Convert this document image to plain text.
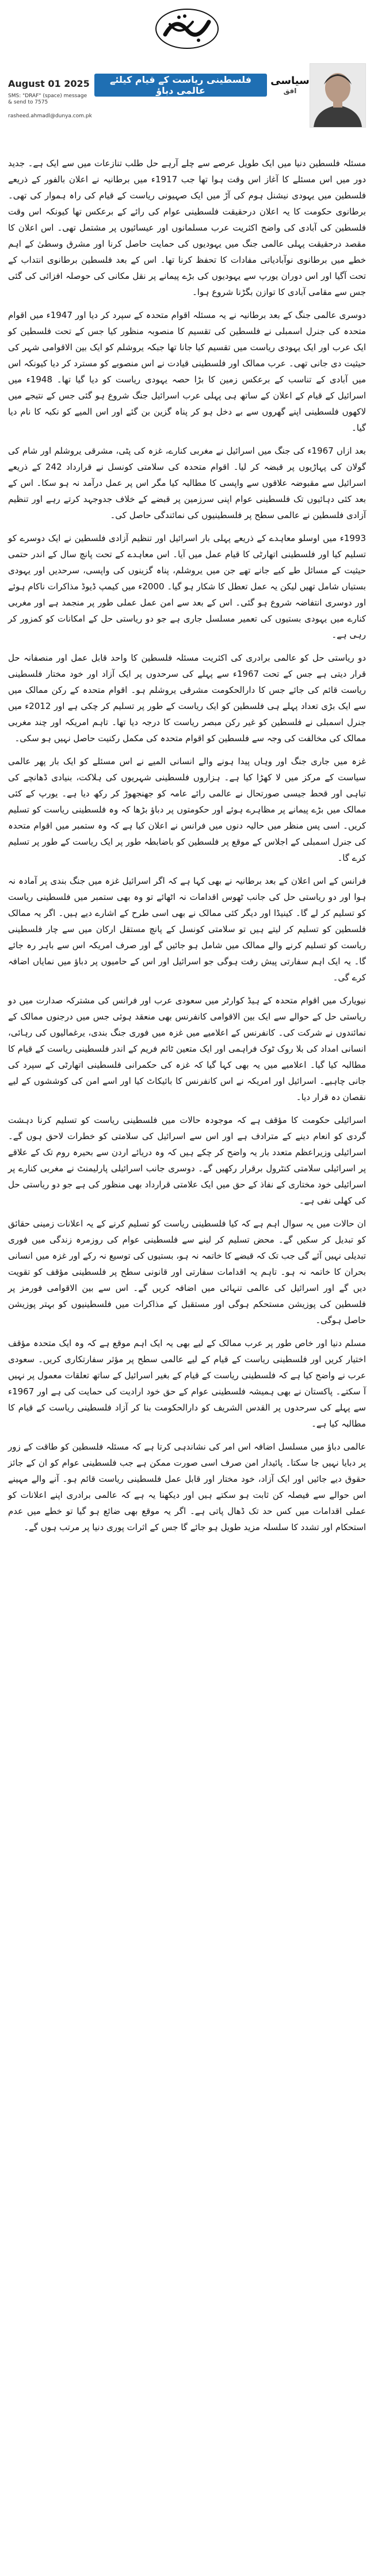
August 01 2025
SMS: "DRAF" (space) message & send to 7575
rasheed.ahmadl@dunya.com.pk
فلسطینی ریاست کے قیام کیلئے عالمی دباؤ
سیاسی
افق

مسئلہ فلسطین دنیا میں ایک طویل عرصے سے چلے آرہے حل طلب تنازعات میں سے ایک ہے۔ جدید دور میں اس مسئلے کا آغاز اس وقت ہوا تھا جب 1917ء میں برطانیہ نے اعلان بالفور کے ذریعے فلسطین میں یہودی نیشنل ہوم کی آڑ میں ایک صہیونی ریاست کے قیام کی راہ ہموار کی تھی۔ برطانوی حکومت کا یہ اعلان درحقیقت فلسطینی عوام کی رائے کے برعکس تھا کیونکہ اس وقت فلسطین کی آبادی کی واضح اکثریت عرب مسلمانوں اور عیسائیوں پر مشتمل تھی۔ اس اعلان کا مقصد درحقیقت پہلی عالمی جنگ میں یہودیوں کی حمایت حاصل کرنا اور مشرق وسطیٰ کے اہم خطے میں برطانوی نوآبادیاتی مفادات کا تحفظ کرنا تھا۔ اس کے بعد فلسطین برطانوی انتداب کے تحت آگیا اور اس دوران یورپ سے یہودیوں کی بڑے پیمانے پر نقل مکانی کی حوصلہ افزائی کی گئی جس سے مقامی آبادی کا توازن بگڑنا شروع ہوا۔

دوسری عالمی جنگ کے بعد برطانیہ نے یہ مسئلہ اقوام متحدہ کے سپرد کر دیا اور 1947ء میں اقوام متحدہ کی جنرل اسمبلی نے فلسطین کی تقسیم کا منصوبہ منظور کیا جس کے تحت فلسطین کو ایک عرب اور ایک یہودی ریاست میں تقسیم کیا جانا تھا جبکہ یروشلم کو ایک بین الاقوامی شہر کی حیثیت دی جانی تھی۔ عرب ممالک اور فلسطینی قیادت نے اس منصوبے کو مسترد کر دیا کیونکہ اس میں آبادی کے تناسب کے برعکس زمین کا بڑا حصہ یہودی ریاست کو دیا گیا تھا۔ 1948ء میں اسرائیل کے قیام کے اعلان کے ساتھ ہی پہلی عرب اسرائیل جنگ شروع ہو گئی جس کے نتیجے میں لاکھوں فلسطینی اپنے گھروں سے بے دخل ہو کر پناہ گزین بن گئے اور اس المیے کو نکبہ کا نام دیا گیا۔

بعد ازاں 1967ء کی جنگ میں اسرائیل نے مغربی کنارے، غزہ کی پٹی، مشرقی یروشلم اور شام کی گولان کی پہاڑیوں پر قبضہ کر لیا۔ اقوام متحدہ کی سلامتی کونسل نے قرارداد 242 کے ذریعے اسرائیل سے مقبوضہ علاقوں سے واپسی کا مطالبہ کیا مگر اس پر عمل درآمد نہ ہو سکا۔ اس کے بعد کئی دہائیوں تک فلسطینی عوام اپنی سرزمین پر قبضے کے خلاف جدوجہد کرتے رہے اور تنظیم آزادی فلسطین نے عالمی سطح پر فلسطینیوں کی نمائندگی حاصل کی۔

1993ء میں اوسلو معاہدے کے ذریعے پہلی بار اسرائیل اور تنظیم آزادی فلسطین نے ایک دوسرے کو تسلیم کیا اور فلسطینی اتھارٹی کا قیام عمل میں آیا۔ اس معاہدے کے تحت پانچ سال کے اندر حتمی حیثیت کے مسائل طے کیے جانے تھے جن میں یروشلم، پناہ گزینوں کی واپسی، سرحدیں اور یہودی بستیاں شامل تھیں لیکن یہ عمل تعطل کا شکار ہو گیا۔ 2000ء میں کیمپ ڈیوڈ مذاکرات ناکام ہوئے اور دوسری انتفاضہ شروع ہو گئی۔ اس کے بعد سے امن عمل عملی طور پر منجمد ہے اور مغربی کنارے میں یہودی بستیوں کی تعمیر مسلسل جاری ہے جو دو ریاستی حل کے امکانات کو کمزور کر رہی ہے۔

دو ریاستی حل کو عالمی برادری کی اکثریت مسئلہ فلسطین کا واحد قابل عمل اور منصفانہ حل قرار دیتی ہے جس کے تحت 1967ء سے پہلے کی سرحدوں پر ایک آزاد اور خود مختار فلسطینی ریاست قائم کی جائے جس کا دارالحکومت مشرقی یروشلم ہو۔ اقوام متحدہ کے رکن ممالک میں سے ایک بڑی تعداد پہلے ہی فلسطین کو ایک ریاست کے طور پر تسلیم کر چکی ہے اور 2012ء میں جنرل اسمبلی نے فلسطین کو غیر رکن مبصر ریاست کا درجہ دیا تھا۔ تاہم امریکہ اور چند مغربی ممالک کی مخالفت کی وجہ سے فلسطین کو اقوام متحدہ کی مکمل رکنیت حاصل نہیں ہو سکی۔

غزہ میں جاری جنگ اور وہاں پیدا ہونے والے انسانی المیے نے اس مسئلے کو ایک بار پھر عالمی سیاست کے مرکز میں لا کھڑا کیا ہے۔ ہزاروں فلسطینی شہریوں کی ہلاکت، بنیادی ڈھانچے کی تباہی اور قحط جیسی صورتحال نے عالمی رائے عامہ کو جھنجھوڑ کر رکھ دیا ہے۔ یورپ کے کئی ممالک میں بڑے پیمانے پر مظاہرے ہوئے اور حکومتوں پر دباؤ بڑھا کہ وہ فلسطینی ریاست کو تسلیم کریں۔ اسی پس منظر میں حالیہ دنوں میں فرانس نے اعلان کیا ہے کہ وہ ستمبر میں اقوام متحدہ کی جنرل اسمبلی کے اجلاس کے موقع پر فلسطین کو باضابطہ طور پر ایک ریاست کے طور پر تسلیم کرے گا۔

فرانس کے اس اعلان کے بعد برطانیہ نے بھی کہا ہے کہ اگر اسرائیل غزہ میں جنگ بندی پر آمادہ نہ ہوا اور دو ریاستی حل کی جانب ٹھوس اقدامات نہ اٹھائے تو وہ بھی ستمبر میں فلسطینی ریاست کو تسلیم کر لے گا۔ کینیڈا اور دیگر کئی ممالک نے بھی اسی طرح کے اشارے دیے ہیں۔ اگر یہ ممالک فلسطین کو تسلیم کر لیتے ہیں تو سلامتی کونسل کے پانچ مستقل ارکان میں سے چار فلسطینی ریاست کو تسلیم کرنے والے ممالک میں شامل ہو جائیں گے اور صرف امریکہ اس سے باہر رہ جائے گا۔ یہ ایک اہم سفارتی پیش رفت ہوگی جو اسرائیل اور اس کے حامیوں پر دباؤ میں نمایاں اضافہ کرے گی۔

نیویارک میں اقوام متحدہ کے ہیڈ کوارٹر میں سعودی عرب اور فرانس کی مشترکہ صدارت میں دو ریاستی حل کے حوالے سے ایک بین الاقوامی کانفرنس بھی منعقد ہوئی جس میں درجنوں ممالک کے نمائندوں نے شرکت کی۔ کانفرنس کے اعلامیے میں غزہ میں فوری جنگ بندی، یرغمالیوں کی رہائی، انسانی امداد کی بلا روک ٹوک فراہمی اور ایک متعین ٹائم فریم کے اندر فلسطینی ریاست کے قیام کا مطالبہ کیا گیا۔ اعلامیے میں یہ بھی کہا گیا کہ غزہ کی حکمرانی فلسطینی اتھارٹی کے سپرد کی جانی چاہیے۔ اسرائیل اور امریکہ نے اس کانفرنس کا بائیکاٹ کیا اور اسے امن کی کوششوں کے لیے نقصان دہ قرار دیا۔

اسرائیلی حکومت کا مؤقف ہے کہ موجودہ حالات میں فلسطینی ریاست کو تسلیم کرنا دہشت گردی کو انعام دینے کے مترادف ہے اور اس سے اسرائیل کی سلامتی کو خطرات لاحق ہوں گے۔ اسرائیلی وزیراعظم متعدد بار یہ واضح کر چکے ہیں کہ وہ دریائے اردن سے بحیرہ روم تک کے علاقے پر اسرائیلی سلامتی کنٹرول برقرار رکھیں گے۔ دوسری جانب اسرائیلی پارلیمنٹ نے مغربی کنارے پر اسرائیلی خود مختاری کے نفاذ کے حق میں ایک علامتی قرارداد بھی منظور کی ہے جو دو ریاستی حل کی کھلی نفی ہے۔

ان حالات میں یہ سوال اہم ہے کہ کیا فلسطینی ریاست کو تسلیم کرنے کے یہ اعلانات زمینی حقائق کو تبدیل کر سکیں گے۔ محض تسلیم کر لینے سے فلسطینی عوام کی روزمرہ زندگی میں فوری تبدیلی نہیں آئے گی جب تک کہ قبضے کا خاتمہ نہ ہو، بستیوں کی توسیع نہ رکے اور غزہ میں انسانی بحران کا خاتمہ نہ ہو۔ تاہم یہ اقدامات سفارتی اور قانونی سطح پر فلسطینی مؤقف کو تقویت دیں گے اور اسرائیل کی عالمی تنہائی میں اضافہ کریں گے۔ اس سے بین الاقوامی فورمز پر فلسطین کی پوزیشن مستحکم ہوگی اور مستقبل کے مذاکرات میں فلسطینیوں کو بہتر پوزیشن حاصل ہوگی۔

مسلم دنیا اور خاص طور پر عرب ممالک کے لیے بھی یہ ایک اہم موقع ہے کہ وہ ایک متحدہ مؤقف اختیار کریں اور فلسطینی ریاست کے قیام کے لیے عالمی سطح پر مؤثر سفارتکاری کریں۔ سعودی عرب نے واضح کیا ہے کہ فلسطینی ریاست کے قیام کے بغیر اسرائیل کے ساتھ تعلقات معمول پر نہیں آ سکتے۔ پاکستان نے بھی ہمیشہ فلسطینی عوام کے حق خود ارادیت کی حمایت کی ہے اور 1967ء سے پہلے کی سرحدوں پر القدس الشریف کو دارالحکومت بنا کر آزاد فلسطینی ریاست کے قیام کا مطالبہ کیا ہے۔

عالمی دباؤ میں مسلسل اضافہ اس امر کی نشاندہی کرتا ہے کہ مسئلہ فلسطین کو طاقت کے زور پر دبایا نہیں جا سکتا۔ پائیدار امن صرف اسی صورت ممکن ہے جب فلسطینی عوام کو ان کے جائز حقوق دیے جائیں اور ایک آزاد، خود مختار اور قابل عمل فلسطینی ریاست قائم ہو۔ آنے والے مہینے اس حوالے سے فیصلہ کن ثابت ہو سکتے ہیں اور دیکھنا یہ ہے کہ عالمی برادری اپنے اعلانات کو عملی اقدامات میں کس حد تک ڈھال پاتی ہے۔ اگر یہ موقع بھی ضائع ہو گیا تو خطے میں عدم استحکام اور تشدد کا سلسلہ مزید طویل ہو جائے گا جس کے اثرات پوری دنیا پر مرتب ہوں گے۔
